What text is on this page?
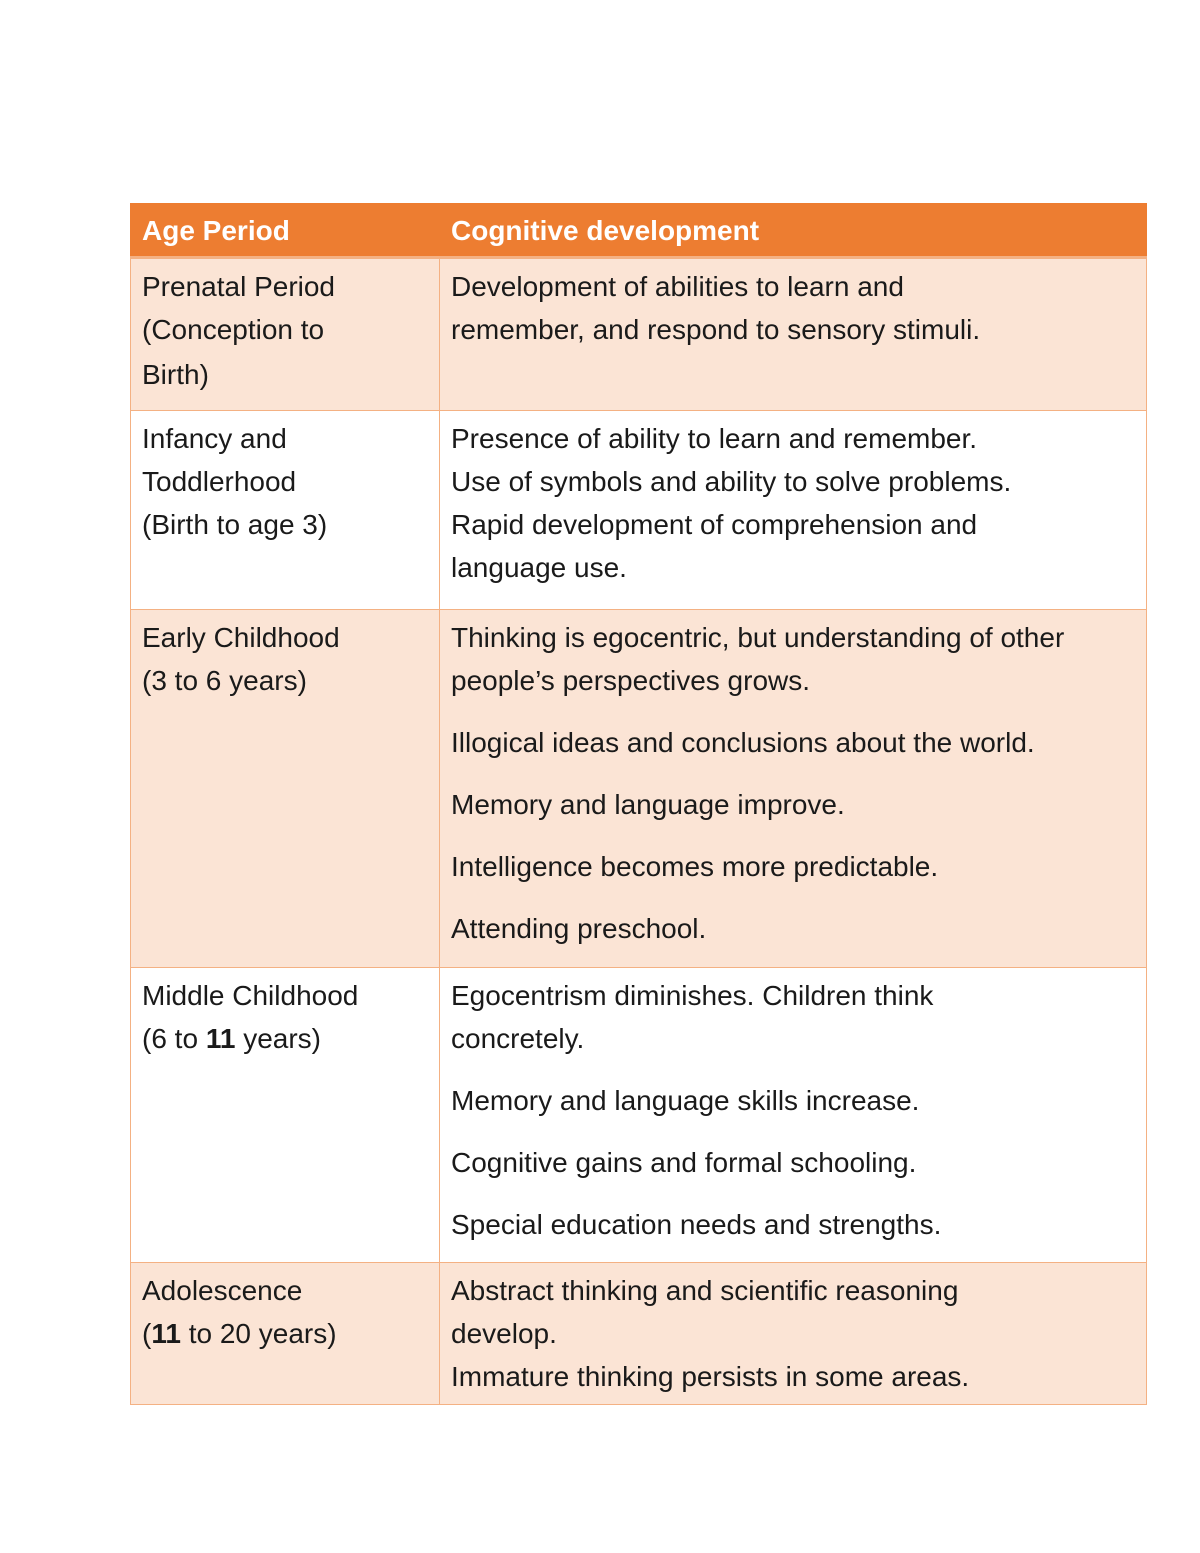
Age Period	Cognitive development

Prenatal Period
(Conception to
Birth)	Development of abilities to learn and
remember, and respond to sensory stimuli.

Infancy and
Toddlerhood
(Birth to age 3)	Presence of ability to learn and remember.
Use of symbols and ability to solve problems.
Rapid development of comprehension and
language use.

Early Childhood
(3 to 6 years)	Thinking is egocentric, but understanding of other people’s perspectives grows.
Illogical ideas and conclusions about the world.
Memory and language improve.
Intelligence becomes more predictable.
Attending preschool.

Middle Childhood
(6 to 11 years)	Egocentrism diminishes. Children think concretely.
Memory and language skills increase.
Cognitive gains and formal schooling.
Special education needs and strengths.

Adolescence
(11 to 20 years)	Abstract thinking and scientific reasoning
develop.
Immature thinking persists in some areas.
